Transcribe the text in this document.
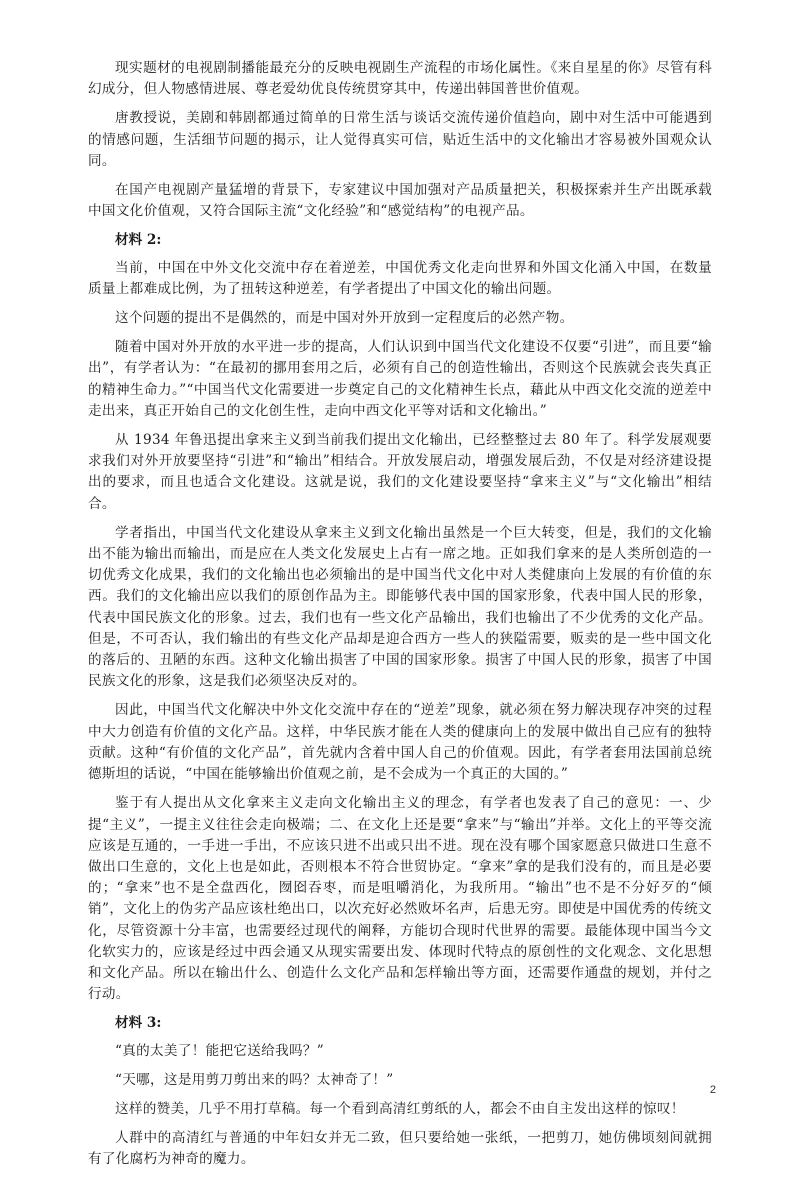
现实题材的电视剧制播能最充分的反映电视剧生产流程的市场化属性。《来自星星的你》尽管有科幻成分，但人物感情进展、尊老爱幼优良传统贯穿其中，传递出韩国普世价值观。

唐教授说，美剧和韩剧都通过简单的日常生活与谈话交流传递价值趋向，剧中对生活中可能遇到的情感问题，生活细节问题的揭示，让人觉得真实可信，贴近生活中的文化输出才容易被外国观众认同。

在国产电视剧产量猛增的背景下，专家建议中国加强对产品质量把关，积极探索并生产出既承载中国文化价值观，又符合国际主流“文化经验”和“感觉结构”的电视产品。

材料 2:

当前，中国在中外文化交流中存在着逆差，中国优秀文化走向世界和外国文化涌入中国，在数量质量上都难成比例，为了扭转这种逆差，有学者提出了中国文化的输出问题。

这个问题的提出不是偶然的，而是中国对外开放到一定程度后的必然产物。

随着中国对外开放的水平进一步的提高，人们认识到中国当代文化建设不仅要“引进”，而且要“输出”，有学者认为：“在最初的挪用套用之后，必须有自己的创造性输出，否则这个民族就会丧失真正的精神生命力。”“中国当代文化需要进一步奠定自己的文化精神生长点，藉此从中西文化交流的逆差中走出来，真正开始自己的文化创生性，走向中西文化平等对话和文化输出。”

从 1934 年鲁迅提出拿来主义到当前我们提出文化输出，已经整整过去 80 年了。科学发展观要求我们对外开放要坚持“引进”和“输出”相结合。开放发展启动，增强发展后劲，不仅是对经济建设提出的要求，而且也适合文化建设。这就是说，我们的文化建设要坚持“拿来主义”与“文化输出”相结合。

学者指出，中国当代文化建设从拿来主义到文化输出虽然是一个巨大转变，但是，我们的文化输出不能为输出而输出，而是应在人类文化发展史上占有一席之地。正如我们拿来的是人类所创造的一切优秀文化成果，我们的文化输出也必须输出的是中国当代文化中对人类健康向上发展的有价值的东西。我们的文化输出应以我们的原创作品为主。即能够代表中国的国家形象，代表中国人民的形象，代表中国民族文化的形象。过去，我们也有一些文化产品输出，我们也输出了不少优秀的文化产品。但是，不可否认，我们输出的有些文化产品却是迎合西方一些人的狭隘需要，贩卖的是一些中国文化的落后的、丑陋的东西。这种文化输出损害了中国的国家形象。损害了中国人民的形象，损害了中国民族文化的形象，这是我们必须坚决反对的。

因此，中国当代文化解决中外文化交流中存在的“逆差”现象，就必须在努力解决现存冲突的过程中大力创造有价值的文化产品。这样，中华民族才能在人类的健康向上的发展中做出自己应有的独特贡献。这种“有价值的文化产品”，首先就内含着中国人自己的价值观。因此，有学者套用法国前总统德斯坦的话说，“中国在能够输出价值观之前，是不会成为一个真正的大国的。”

鉴于有人提出从文化拿来主义走向文化输出主义的理念，有学者也发表了自己的意见：一、少提“主义”，一提主义往往会走向极端；二、在文化上还是要“拿来”与“输出”并举。文化上的平等交流应该是互通的，一手进一手出，不应该只进不出或只出不进。现在没有哪个国家愿意只做进口生意不做出口生意的，文化上也是如此，否则根本不符合世贸协定。“拿来”拿的是我们没有的，而且是必要的；“拿来”也不是全盘西化，囫囵吞枣，而是咀嚼消化，为我所用。“输出”也不是不分好歹的“倾销”，文化上的伪劣产品应该杜绝出口，以次充好必然败坏名声，后患无穷。即使是中国优秀的传统文化，尽管资源十分丰富，也需要经过现代的阐释，方能切合现时代世界的需要。最能体现中国当今文化软实力的，应该是经过中西会通又从现实需要出发、体现时代特点的原创性的文化观念、文化思想和文化产品。所以在输出什么、创造什么文化产品和怎样输出等方面，还需要作通盘的规划，并付之行动。

材料 3:

“真的太美了！能把它送给我吗？”

“天哪，这是用剪刀剪出来的吗？太神奇了！”

这样的赞美，几乎不用打草稿。每一个看到高清红剪纸的人，都会不由自主发出这样的惊叹！

人群中的高清红与普通的中年妇女并无二致，但只要给她一张纸，一把剪刀，她仿佛顷刻间就拥有了化腐朽为神奇的魔力。

2
